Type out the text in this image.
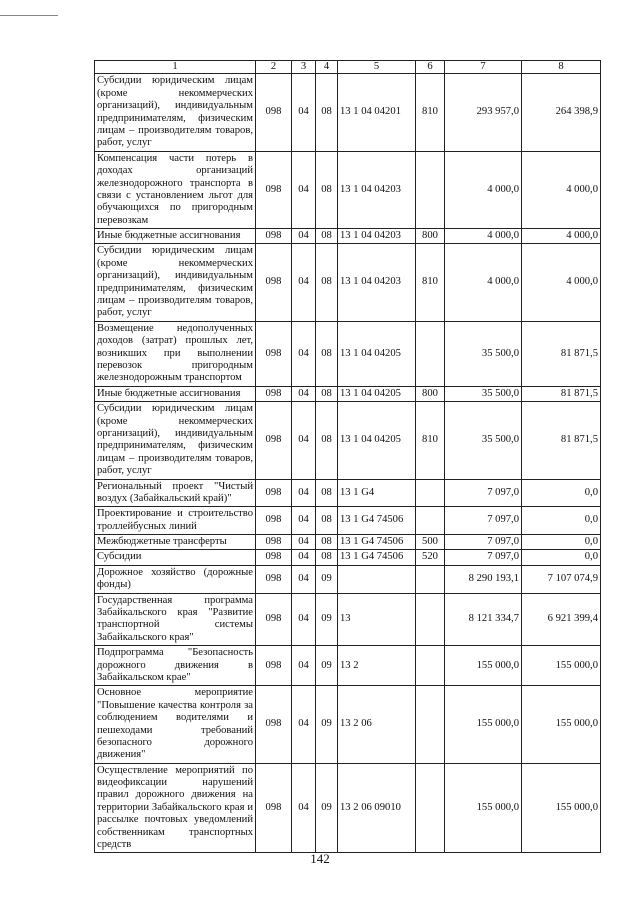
1	2	3	4	5	6	7	8
Субсидии юридическим лицам (кроме некоммерческих организаций), индивидуальным предпринимателям, физическим лицам – производителям товаров, работ, услуг	098	04	08	13 1 04 04201	810	293 957,0	264 398,9
Компенсация части потерь в доходах организаций железнодорожного транспорта в связи с установлением льгот для обучающихся по пригородным перевозкам	098	04	08	13 1 04 04203		4 000,0	4 000,0
Иные бюджетные ассигнования	098	04	08	13 1 04 04203	800	4 000,0	4 000,0
Субсидии юридическим лицам (кроме некоммерческих организаций), индивидуальным предпринимателям, физическим лицам – производителям товаров, работ, услуг	098	04	08	13 1 04 04203	810	4 000,0	4 000,0
Возмещение недополученных доходов (затрат) прошлых лет, возникших при выполнении перевозок пригородным железнодорожным транспортом	098	04	08	13 1 04 04205		35 500,0	81 871,5
Иные бюджетные ассигнования	098	04	08	13 1 04 04205	800	35 500,0	81 871,5
Субсидии юридическим лицам (кроме некоммерческих организаций), индивидуальным предпринимателям, физическим лицам – производителям товаров, работ, услуг	098	04	08	13 1 04 04205	810	35 500,0	81 871,5
Региональный проект "Чистый воздух (Забайкальский край)"	098	04	08	13 1 G4		7 097,0	0,0
Проектирование и строительство троллейбусных линий	098	04	08	13 1 G4 74506		7 097,0	0,0
Межбюджетные трансферты	098	04	08	13 1 G4 74506	500	7 097,0	0,0
Субсидии	098	04	08	13 1 G4 74506	520	7 097,0	0,0
Дорожное хозяйство (дорожные фонды)	098	04	09			8 290 193,1	7 107 074,9
Государственная программа Забайкальского края "Развитие транспортной системы Забайкальского края"	098	04	09	13		8 121 334,7	6 921 399,4
Подпрограмма "Безопасность дорожного движения в Забайкальском крае"	098	04	09	13 2		155 000,0	155 000,0
Основное мероприятие "Повышение качества контроля за соблюдением водителями и пешеходами требований безопасного дорожного движения"	098	04	09	13 2 06		155 000,0	155 000,0
Осуществление мероприятий по видеофиксации нарушений правил дорожного движения на территории Забайкальского края и рассылке почтовых уведомлений собственникам транспортных средств	098	04	09	13 2 06 09010		155 000,0	155 000,0
142
